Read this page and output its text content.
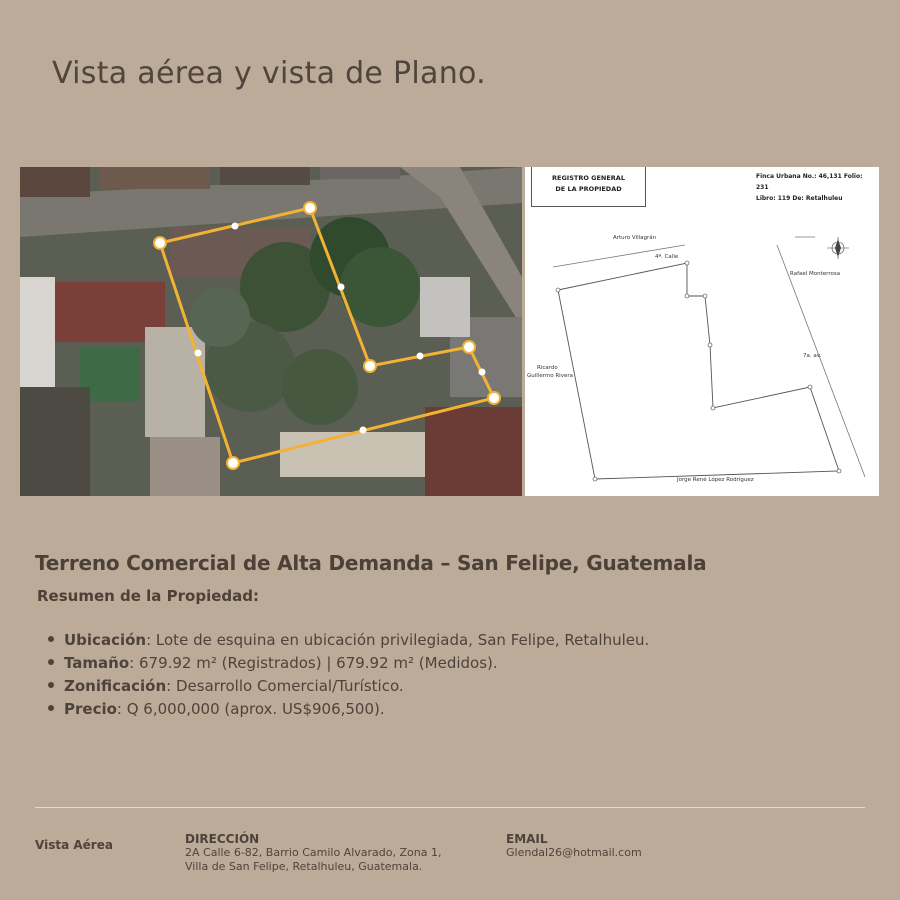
Vista aérea y vista de Plano.
REGISTRO GENERAL
DE LA PROPIEDAD
Finca Urbana No.: 46,131 Folio: 231
Libro: 119 De: Retalhuleu
Arturo Villagrán
4ª. Calle
Rafael Monterrosa
7a. av.
Ricardo
Guillermo Rivera
Jorge René López Rodríguez
Terreno Comercial de Alta Demanda – San Felipe, Guatemala
Resumen de la Propiedad:
Ubicación: Lote de esquina en ubicación privilegiada, San Felipe, Retalhuleu.
Tamaño: 679.92 m² (Registrados) | 679.92 m² (Medidos).
Zonificación: Desarrollo Comercial/Turístico.
Precio: Q 6,000,000 (aprox. US$906,500).
Vista Aérea	DIRECCIÓN
2A Calle 6-82, Barrio Camilo Alvarado, Zona 1,
Villa de San Felipe, Retalhuleu, Guatemala.
EMAIL
Glendal26@hotmail.com
